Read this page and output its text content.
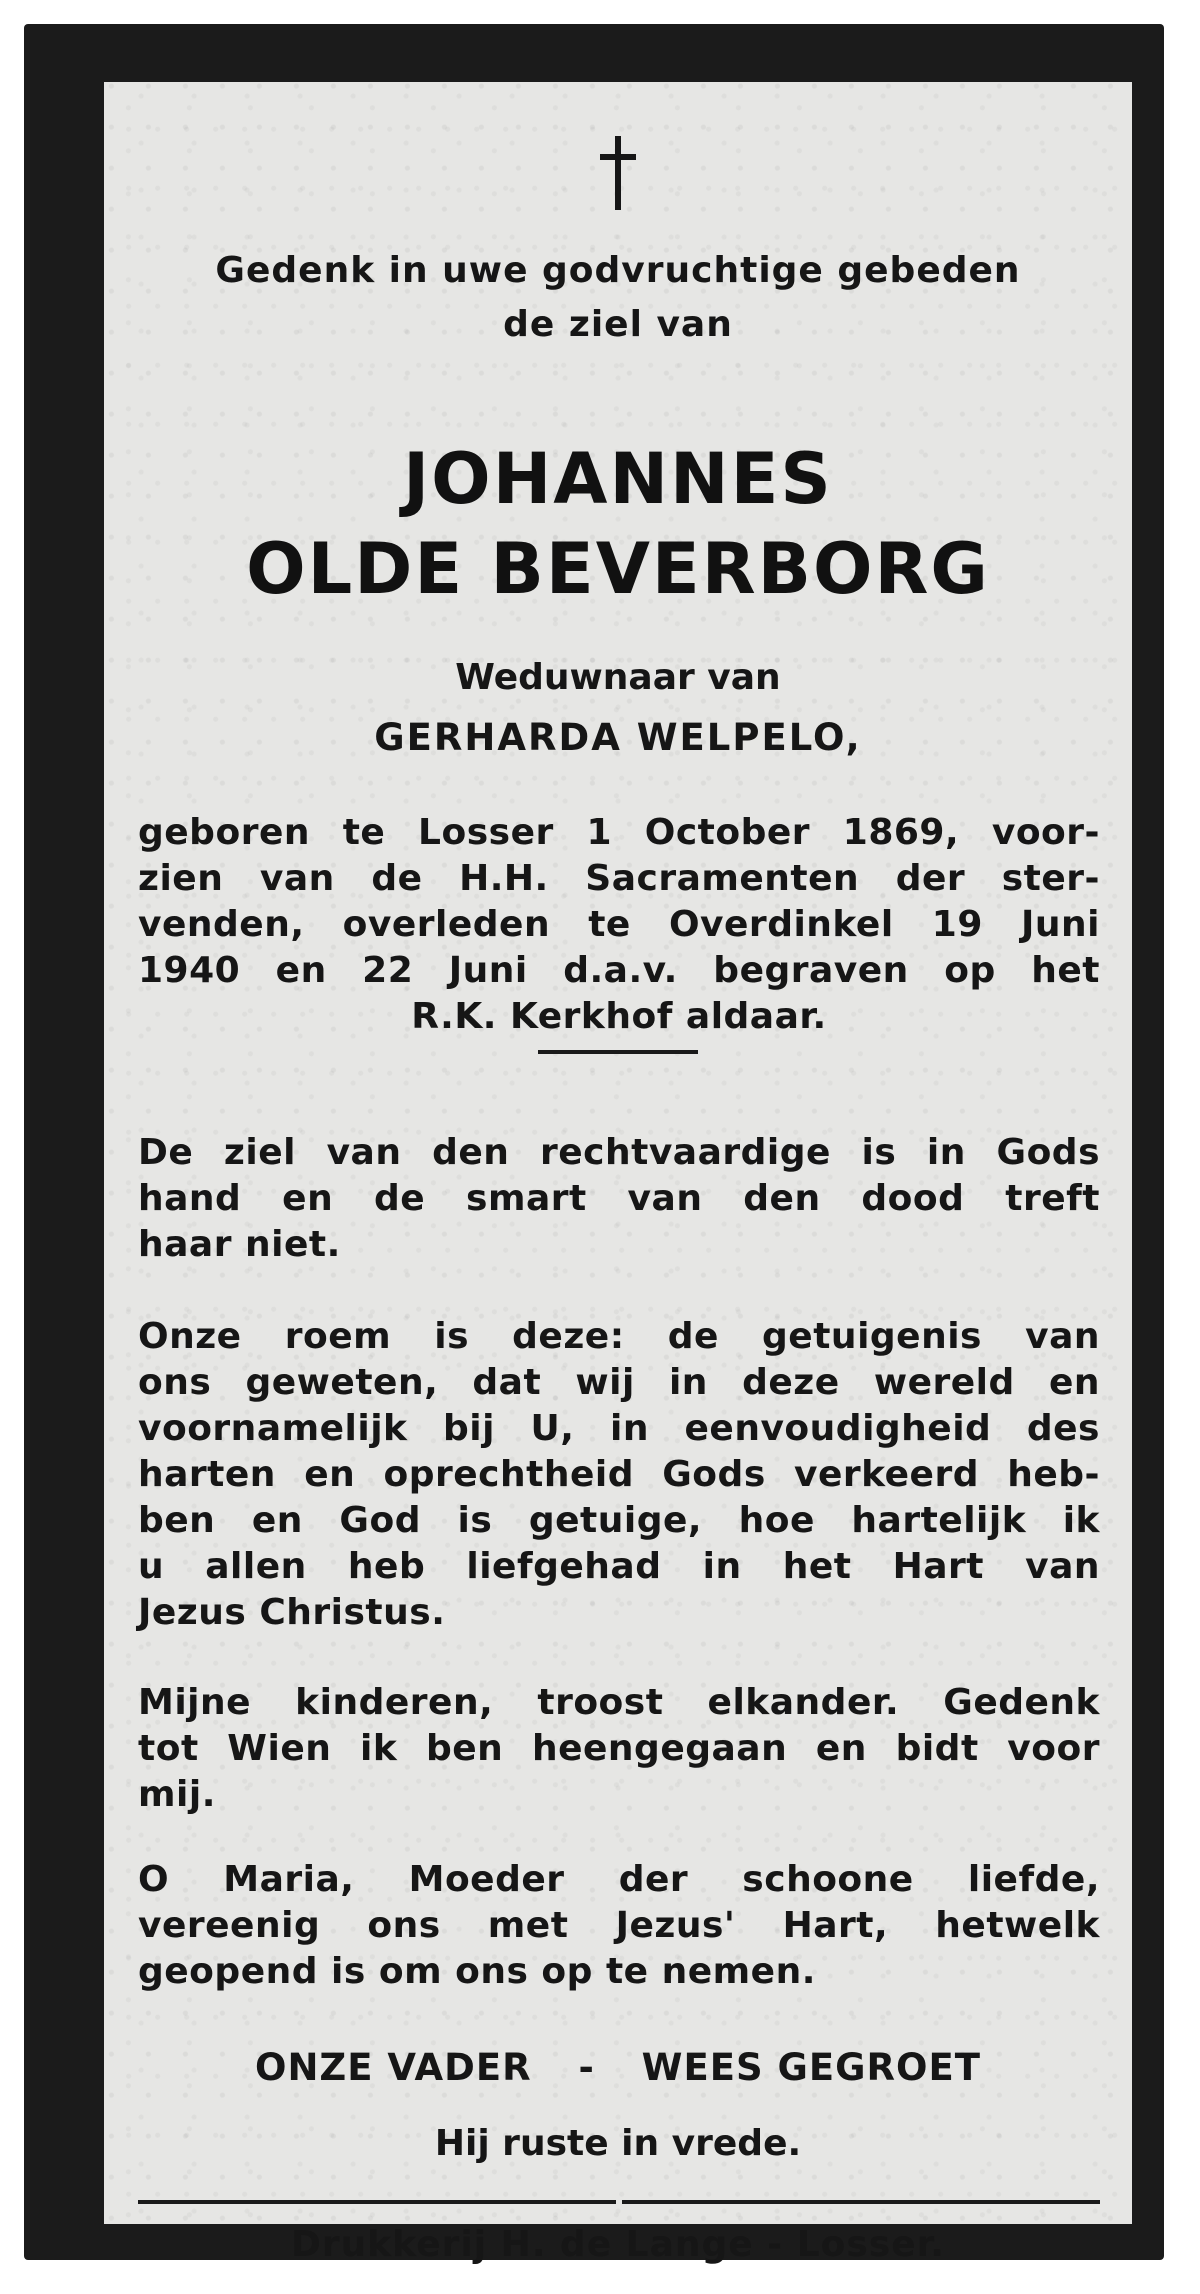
Gedenk in uwe godvruchtige gebeden
de ziel van
JOHANNES
OLDE BEVERBORG
Weduwnaar van
GERHARDA WELPELO,
geboren te Losser 1 October 1869, voor-
zien van de H.H. Sacramenten der ster-
venden, overleden te Overdinkel 19 Juni
1940 en 22 Juni d.a.v. begraven op het
R.K. Kerkhof aldaar.
De ziel van den rechtvaardige is in Gods
hand en de smart van den dood treft
haar niet.
Onze roem is deze: de getuigenis van
ons geweten, dat wij in deze wereld en
voornamelijk bij U, in eenvoudigheid des
harten en oprechtheid Gods verkeerd heb-
ben en God is getuige, hoe hartelijk ik
u allen heb liefgehad in het Hart van
Jezus Christus.
Mijne kinderen, troost elkander. Gedenk
tot Wien ik ben heengegaan en bidt voor
mij.
O Maria, Moeder der schoone liefde,
vereenig ons met Jezus' Hart, hetwelk
geopend is om ons op te nemen.
ONZE VADER - WEES GEGROET
Hij ruste in vrede.
Drukkerij H. de Lange - Losser.
